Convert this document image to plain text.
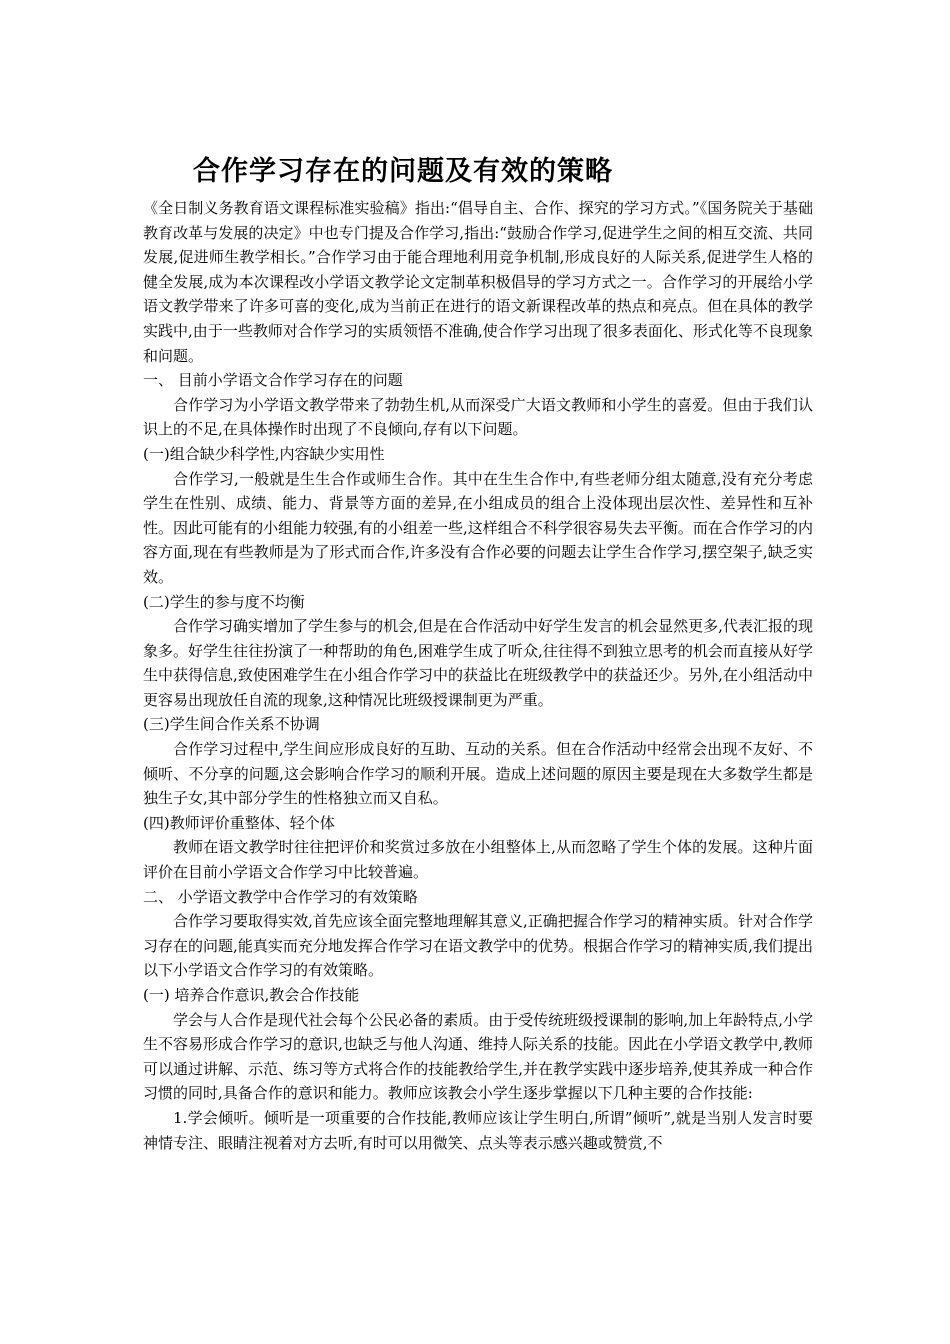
合作学习存在的问题及有效的策略

《全日制义务教育语文课程标准实验稿》指出:“倡导自主、合作、探究的学习方式。”《国务院关于基础教育改革与发展的决定》中也专门提及合作学习,指出:“鼓励合作学习,促进学生之间的相互交流、共同发展,促进师生教学相长。”合作学习由于能合理地利用竞争机制,形成良好的人际关系,促进学生人格的健全发展,成为本次课程改小学语文教学论文定制革积极倡导的学习方式之一。合作学习的开展给小学语文教学带来了许多可喜的变化,成为当前正在进行的语文新课程改革的热点和亮点。但在具体的教学实践中,由于一些教师对合作学习的实质领悟不准确,使合作学习出现了很多表面化、形式化等不良现象和问题。

一、 目前小学语文合作学习存在的问题

合作学习为小学语文教学带来了勃勃生机,从而深受广大语文教师和小学生的喜爱。但由于我们认识上的不足,在具体操作时出现了不良倾向,存有以下问题。

(一)组合缺少科学性,内容缺少实用性

合作学习,一般就是生生合作或师生合作。其中在生生合作中,有些老师分组太随意,没有充分考虑学生在性别、成绩、能力、背景等方面的差异,在小组成员的组合上没体现出层次性、差异性和互补性。因此可能有的小组能力较强,有的小组差一些,这样组合不科学很容易失去平衡。而在合作学习的内容方面,现在有些教师是为了形式而合作,许多没有合作必要的问题去让学生合作学习,摆空架子,缺乏实效。

(二)学生的参与度不均衡

合作学习确实增加了学生参与的机会,但是在合作活动中好学生发言的机会显然更多,代表汇报的现象多。好学生往往扮演了一种帮助的角色,困难学生成了听众,往往得不到独立思考的机会而直接从好学生中获得信息,致使困难学生在小组合作学习中的获益比在班级教学中的获益还少。另外,在小组活动中更容易出现放任自流的现象,这种情况比班级授课制更为严重。

(三)学生间合作关系不协调

合作学习过程中,学生间应形成良好的互助、互动的关系。但在合作活动中经常会出现不友好、不倾听、不分享的问题,这会影响合作学习的顺利开展。造成上述问题的原因主要是现在大多数学生都是独生子女,其中部分学生的性格独立而又自私。

(四)教师评价重整体、轻个体

教师在语文教学时往往把评价和奖赏过多放在小组整体上,从而忽略了学生个体的发展。这种片面评价在目前小学语文合作学习中比较普遍。

二、 小学语文教学中合作学习的有效策略

合作学习要取得实效,首先应该全面完整地理解其意义,正确把握合作学习的精神实质。针对合作学习存在的问题,能真实而充分地发挥合作学习在语文教学中的优势。根据合作学习的精神实质,我们提出以下小学语文合作学习的有效策略。

(一) 培养合作意识,教会合作技能

学会与人合作是现代社会每个公民必备的素质。由于受传统班级授课制的影响,加上年龄特点,小学生不容易形成合作学习的意识,也缺乏与他人沟通、维持人际关系的技能。因此在小学语文教学中,教师可以通过讲解、示范、练习等方式将合作的技能教给学生,并在教学实践中逐步培养,使其养成一种合作习惯的同时,具备合作的意识和能力。教师应该教会小学生逐步掌握以下几种主要的合作技能:

1.学会倾听。倾听是一项重要的合作技能,教师应该让学生明白,所谓”倾听”,就是当别人发言时要神情专注、眼睛注视着对方去听,有时可以用微笑、点头等表示感兴趣或赞赏,不
